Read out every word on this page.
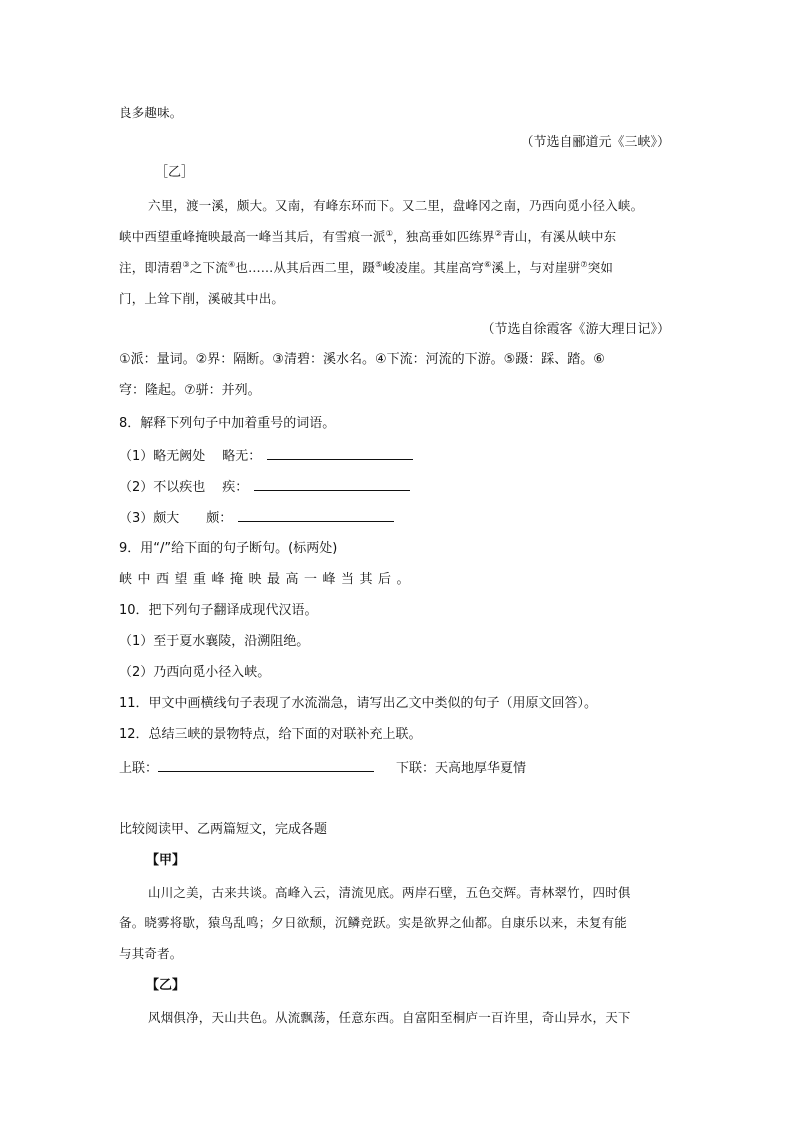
良多趣味。
（节选自郦道元《三峡》）
［乙］
六里，渡一溪，颇大。又南，有峰东环而下。又二里，盘峰冈之南，乃西向觅小径入峡。
峡中西望重峰掩映最高一峰当其后，有雪痕一派①，独高垂如匹练界②青山，有溪从峡中东
注，即清碧③之下流④也……从其后西二里，蹑⑤峻凌崖。其崖高穹⑥溪上，与对崖骈⑦突如
门，上耸下削，溪破其中出。
（节选自徐霞客《游大理日记》）
①派：量词。②界：隔断。③清碧：溪水名。④下流：河流的下游。⑤蹑：踩、踏。⑥
穹：隆起。⑦骈：并列。
8．解释下列句子中加着重号的词语。
（1）略无阙处 略无：
（2）不以疾也 疾：
（3）颇大 颇：
9．用“/”给下面的句子断句。(标两处)
峡中西望重峰掩映最高一峰当其后。
10．把下列句子翻译成现代汉语。
（1）至于夏水襄陵，沿溯阻绝。
（2）乃西向觅小径入峡。
11．甲文中画横线句子表现了水流湍急，请写出乙文中类似的句子（用原文回答）。
12．总结三峡的景物特点，给下面的对联补充上联。
上联：	下联：天高地厚华夏情
比较阅读甲、乙两篇短文，完成各题
【甲】
山川之美，古来共谈。高峰入云，清流见底。两岸石壁，五色交辉。青林翠竹，四时俱
备。晓雾将歇，猿鸟乱鸣；夕日欲颓，沉鳞竞跃。实是欲界之仙都。自康乐以来，未复有能
与其奇者。
【乙】
风烟俱净，天山共色。从流飘荡，任意东西。自富阳至桐庐一百许里，奇山异水，天下
